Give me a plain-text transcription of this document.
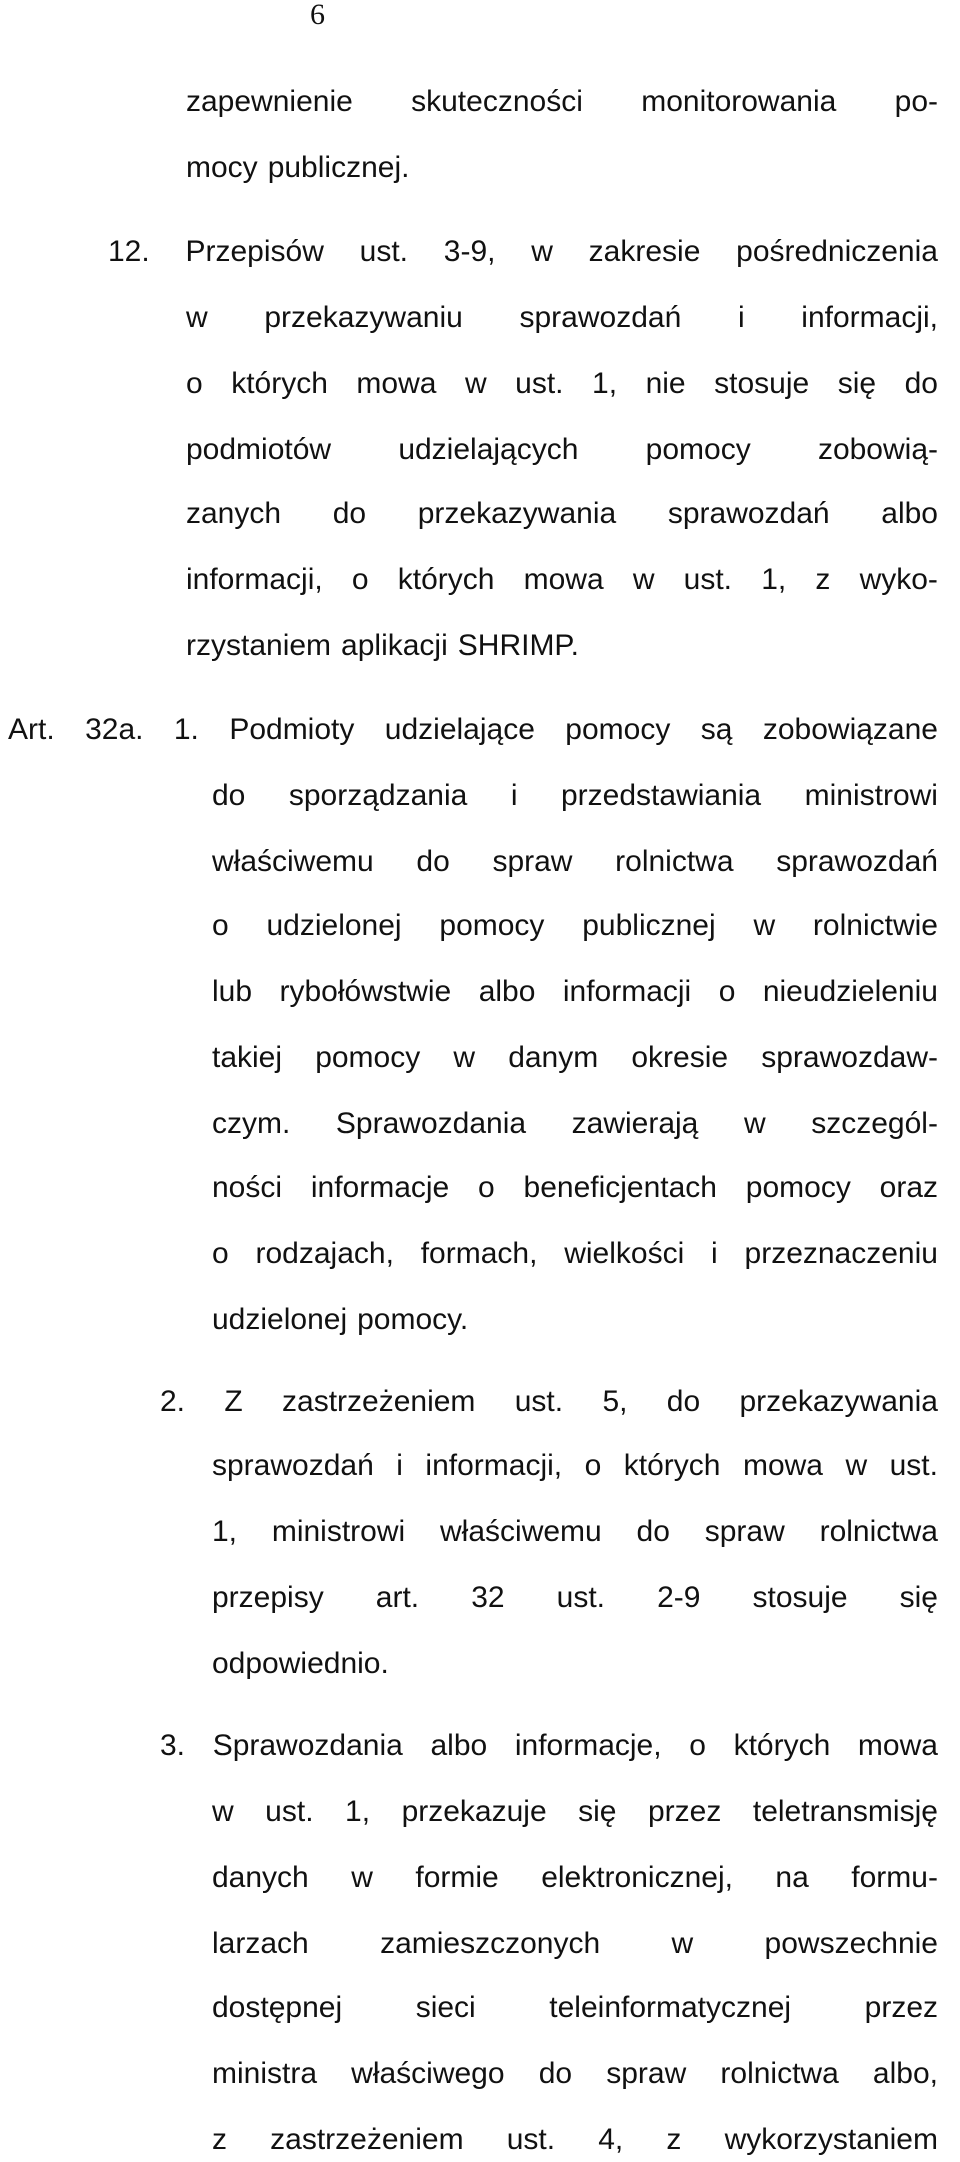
6
zapewnienie skuteczności monitorowania po-
mocy publicznej.
12. Przepisów ust. 3-9, w zakresie pośredniczenia
w przekazywaniu sprawozdań i informacji,
o których mowa w ust. 1, nie stosuje się do
podmiotów udzielających pomocy zobowią-
zanych do przekazywania sprawozdań albo
informacji, o których mowa w ust. 1, z wyko-
rzystaniem aplikacji SHRIMP.
Art. 32a. 1. Podmioty udzielające pomocy są zobowiązane
do sporządzania i przedstawiania ministrowi
właściwemu do spraw rolnictwa sprawozdań
o udzielonej pomocy publicznej w rolnictwie
lub rybołówstwie albo informacji o nieudzieleniu
takiej pomocy w danym okresie sprawozdaw-
czym. Sprawozdania zawierają w szczegól-
ności informacje o beneficjentach pomocy oraz
o rodzajach, formach, wielkości i przeznaczeniu
udzielonej pomocy.
2. Z zastrzeżeniem ust. 5, do przekazywania
sprawozdań i informacji, o których mowa w ust.
1, ministrowi właściwemu do spraw rolnictwa
przepisy art. 32 ust. 2-9 stosuje się
odpowiednio.
3. Sprawozdania albo informacje, o których mowa
w ust. 1, przekazuje się przez teletransmisję
danych w formie elektronicznej, na formu-
larzach zamieszczonych w powszechnie
dostępnej sieci teleinformatycznej przez
ministra właściwego do spraw rolnictwa albo,
z zastrzeżeniem ust. 4, z wykorzystaniem
